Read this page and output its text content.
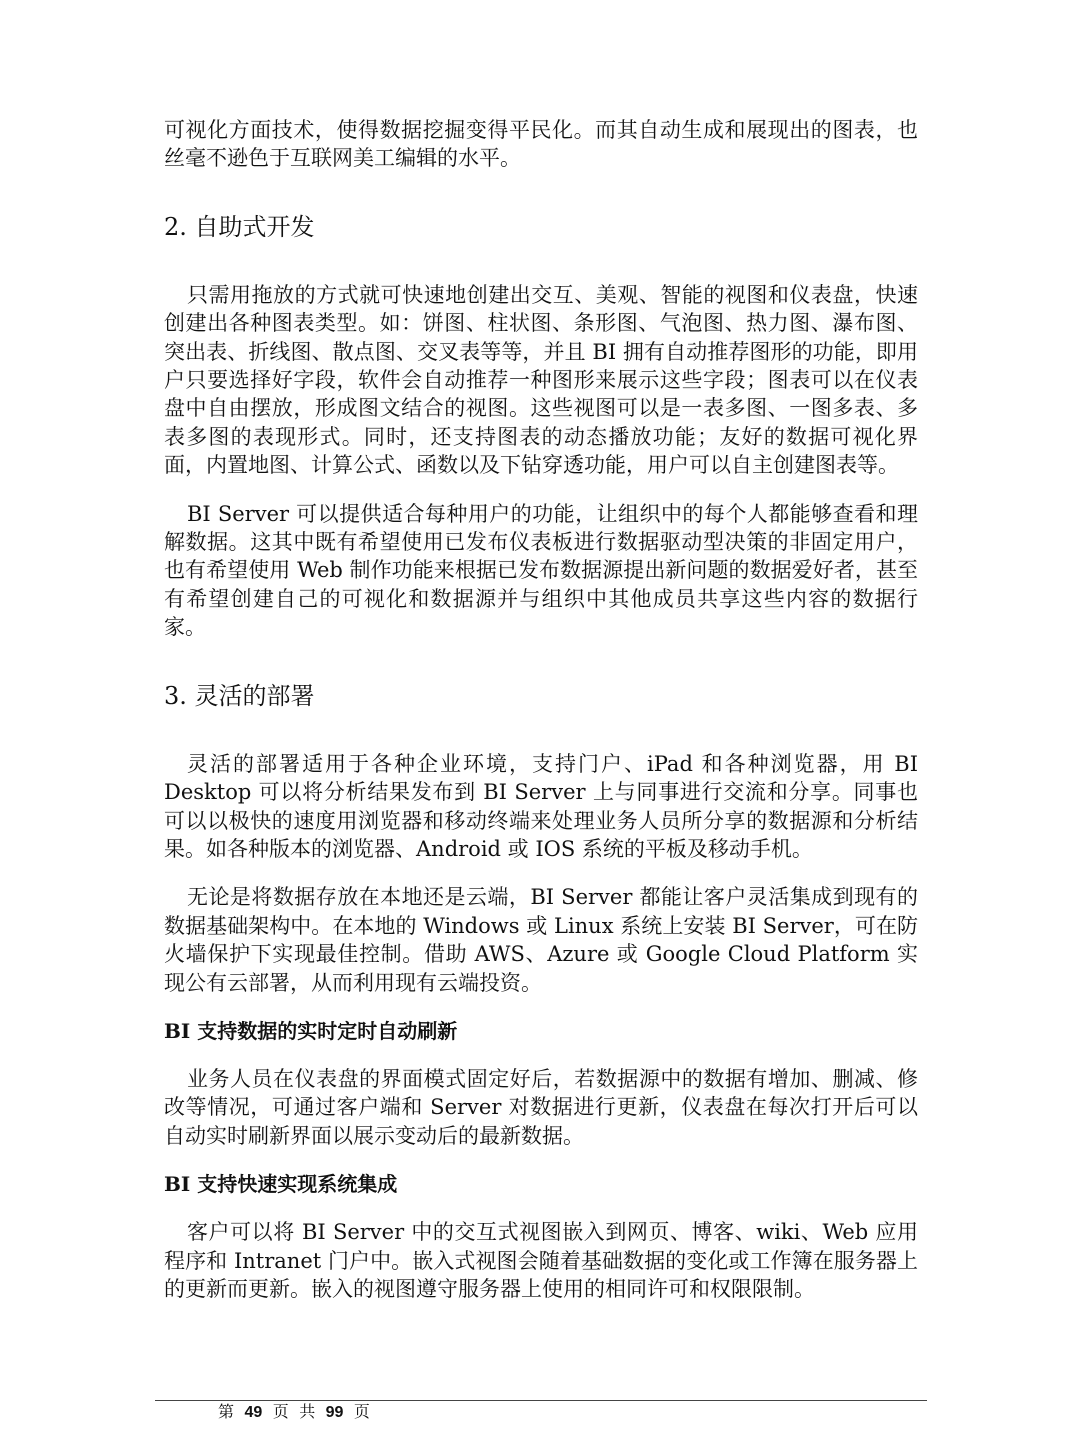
可视化方面技术，使得数据挖掘变得平民化。而其自动生成和展现出的图表，也丝毫不逊色于互联网美工编辑的水平。

2. 自助式开发

只需用拖放的方式就可快速地创建出交互、美观、智能的视图和仪表盘，快速创建出各种图表类型。如：饼图、柱状图、条形图、气泡图、热力图、瀑布图、突出表、折线图、散点图、交叉表等等，并且 BI 拥有自动推荐图形的功能，即用户只要选择好字段，软件会自动推荐一种图形来展示这些字段；图表可以在仪表盘中自由摆放，形成图文结合的视图。这些视图可以是一表多图、一图多表、多表多图的表现形式。同时，还支持图表的动态播放功能；友好的数据可视化界面，内置地图、计算公式、函数以及下钻穿透功能，用户可以自主创建图表等。

BI Server 可以提供适合每种用户的功能，让组织中的每个人都能够查看和理解数据。这其中既有希望使用已发布仪表板进行数据驱动型决策的非固定用户，也有希望使用 Web 制作功能来根据已发布数据源提出新问题的数据爱好者，甚至有希望创建自己的可视化和数据源并与组织中其他成员共享这些内容的数据行家。

3. 灵活的部署

灵活的部署适用于各种企业环境，支持门户、iPad 和各种浏览器，用 BI Desktop 可以将分析结果发布到 BI Server 上与同事进行交流和分享。同事也可以以极快的速度用浏览器和移动终端来处理业务人员所分享的数据源和分析结果。如各种版本的浏览器、Android 或 IOS 系统的平板及移动手机。

无论是将数据存放在本地还是云端，BI Server 都能让客户灵活集成到现有的数据基础架构中。在本地的 Windows 或 Linux 系统上安装 BI Server，可在防火墙保护下实现最佳控制。借助 AWS、Azure 或 Google Cloud Platform 实现公有云部署，从而利用现有云端投资。

BI 支持数据的实时定时自动刷新

业务人员在仪表盘的界面模式固定好后，若数据源中的数据有增加、删减、修改等情况，可通过客户端和 Server 对数据进行更新，仪表盘在每次打开后可以自动实时刷新界面以展示变动后的最新数据。

BI 支持快速实现系统集成

客户可以将 BI Server 中的交互式视图嵌入到网页、博客、wiki、Web 应用程序和 Intranet 门户中。嵌入式视图会随着基础数据的变化或工作簿在服务器上的更新而更新。嵌入的视图遵守服务器上使用的相同许可和权限限制。

第 49 页 共 99 页
